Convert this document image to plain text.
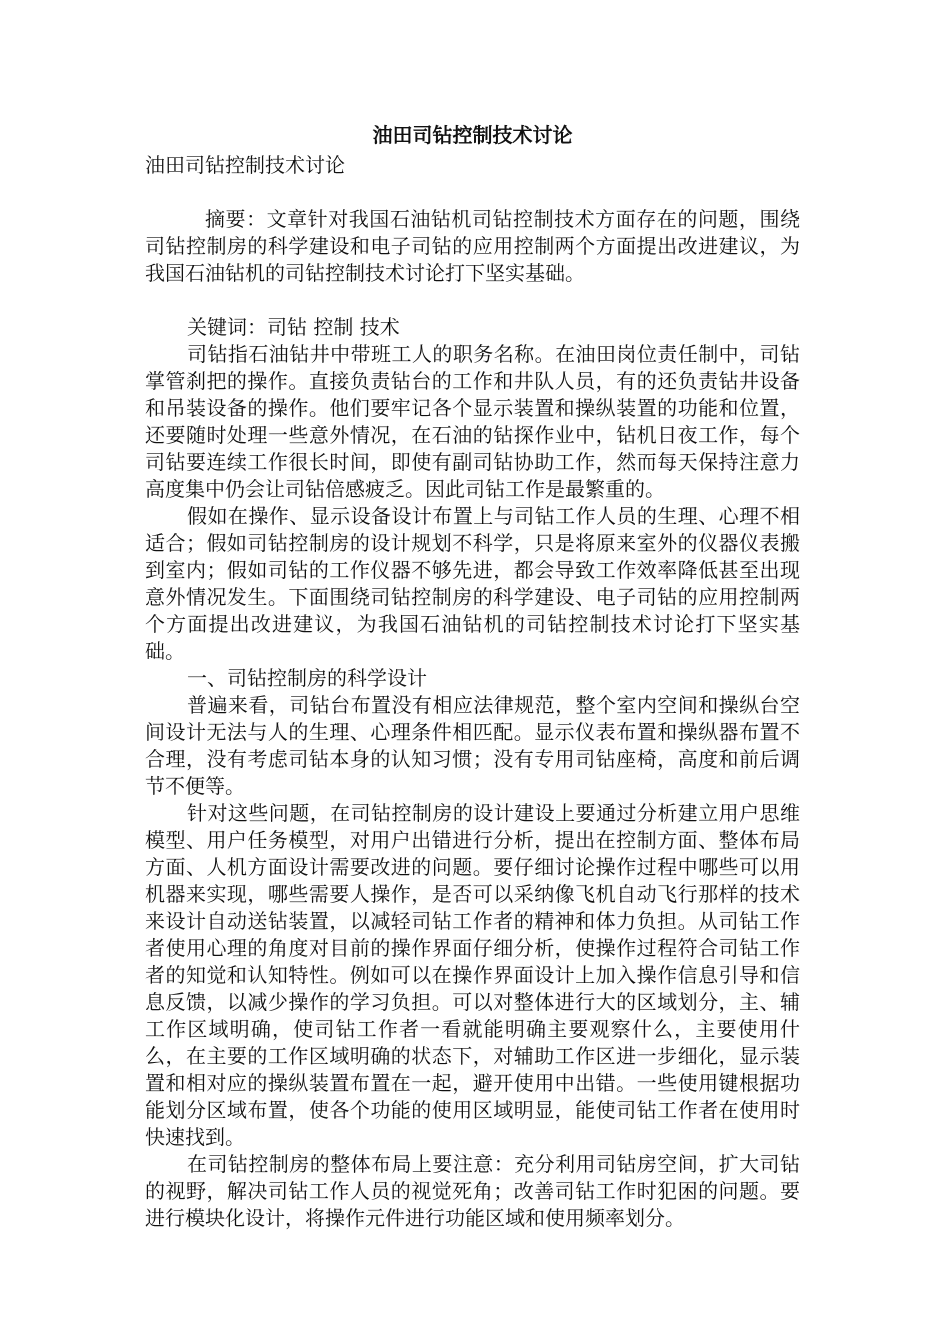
油田司钻控制技术讨论

油田司钻控制技术讨论

摘要：文章针对我国石油钻机司钻控制技术方面存在的问题，围绕司钻控制房的科学建设和电子司钻的应用控制两个方面提出改进建议，为我国石油钻机的司钻控制技术讨论打下坚实基础。

关键词：司钻 控制 技术

司钻指石油钻井中带班工人的职务名称。在油田岗位责任制中，司钻掌管刹把的操作。直接负责钻台的工作和井队人员，有的还负责钻井设备和吊装设备的操作。他们要牢记各个显示装置和操纵装置的功能和位置，还要随时处理一些意外情况，在石油的钻探作业中，钻机日夜工作，每个司钻要连续工作很长时间，即使有副司钻协助工作，然而每天保持注意力高度集中仍会让司钻倍感疲乏。因此司钻工作是最繁重的。

假如在操作、显示设备设计布置上与司钻工作人员的生理、心理不相适合；假如司钻控制房的设计规划不科学，只是将原来室外的仪器仪表搬到室内；假如司钻的工作仪器不够先进，都会导致工作效率降低甚至出现意外情况发生。下面围绕司钻控制房的科学建设、电子司钻的应用控制两个方面提出改进建议，为我国石油钻机的司钻控制技术讨论打下坚实基础。

一、司钻控制房的科学设计

普遍来看，司钻台布置没有相应法律规范，整个室内空间和操纵台空间设计无法与人的生理、心理条件相匹配。显示仪表布置和操纵器布置不合理，没有考虑司钻本身的认知习惯；没有专用司钻座椅，高度和前后调节不便等。

针对这些问题，在司钻控制房的设计建设上要通过分析建立用户思维模型、用户任务模型，对用户出错进行分析，提出在控制方面、整体布局方面、人机方面设计需要改进的问题。要仔细讨论操作过程中哪些可以用机器来实现，哪些需要人操作，是否可以采纳像飞机自动飞行那样的技术来设计自动送钻装置，以减轻司钻工作者的精神和体力负担。从司钻工作者使用心理的角度对目前的操作界面仔细分析，使操作过程符合司钻工作者的知觉和认知特性。例如可以在操作界面设计上加入操作信息引导和信息反馈，以减少操作的学习负担。可以对整体进行大的区域划分，主、辅工作区域明确，使司钻工作者一看就能明确主要观察什么，主要使用什么，在主要的工作区域明确的状态下，对辅助工作区进一步细化，显示装置和相对应的操纵装置布置在一起，避开使用中出错。一些使用键根据功能划分区域布置，使各个功能的使用区域明显，能使司钻工作者在使用时快速找到。

在司钻控制房的整体布局上要注意：充分利用司钻房空间，扩大司钻的视野，解决司钻工作人员的视觉死角；改善司钻工作时犯困的问题。要进行模块化设计，将操作元件进行功能区域和使用频率划分。
